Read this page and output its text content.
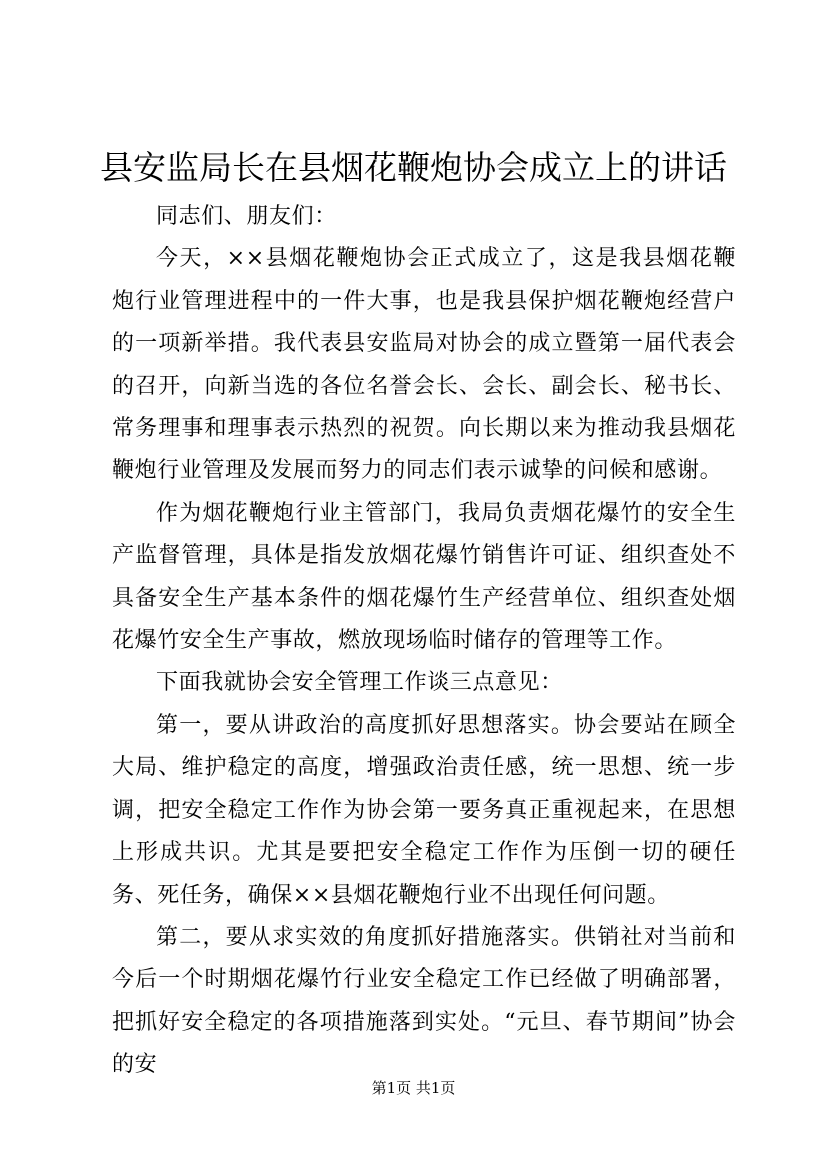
县安监局长在县烟花鞭炮协会成立上的讲话

同志们、朋友们：

今天，××县烟花鞭炮协会正式成立了，这是我县烟花鞭炮行业管理进程中的一件大事，也是我县保护烟花鞭炮经营户的一项新举措。我代表县安监局对协会的成立暨第一届代表会的召开，向新当选的各位名誉会长、会长、副会长、秘书长、常务理事和理事表示热烈的祝贺。向长期以来为推动我县烟花鞭炮行业管理及发展而努力的同志们表示诚挚的问候和感谢。

作为烟花鞭炮行业主管部门，我局负责烟花爆竹的安全生产监督管理，具体是指发放烟花爆竹销售许可证、组织查处不具备安全生产基本条件的烟花爆竹生产经营单位、组织查处烟花爆竹安全生产事故，燃放现场临时储存的管理等工作。

下面我就协会安全管理工作谈三点意见：

第一，要从讲政治的高度抓好思想落实。协会要站在顾全大局、维护稳定的高度，增强政治责任感，统一思想、统一步调，把安全稳定工作作为协会第一要务真正重视起来，在思想上形成共识。尤其是要把安全稳定工作作为压倒一切的硬任务、死任务，确保××县烟花鞭炮行业不出现任何问题。

第二，要从求实效的角度抓好措施落实。供销社对当前和今后一个时期烟花爆竹行业安全稳定工作已经做了明确部署，把抓好安全稳定的各项措施落到实处。“元旦、春节期间”协会的安

第1页 共1页
